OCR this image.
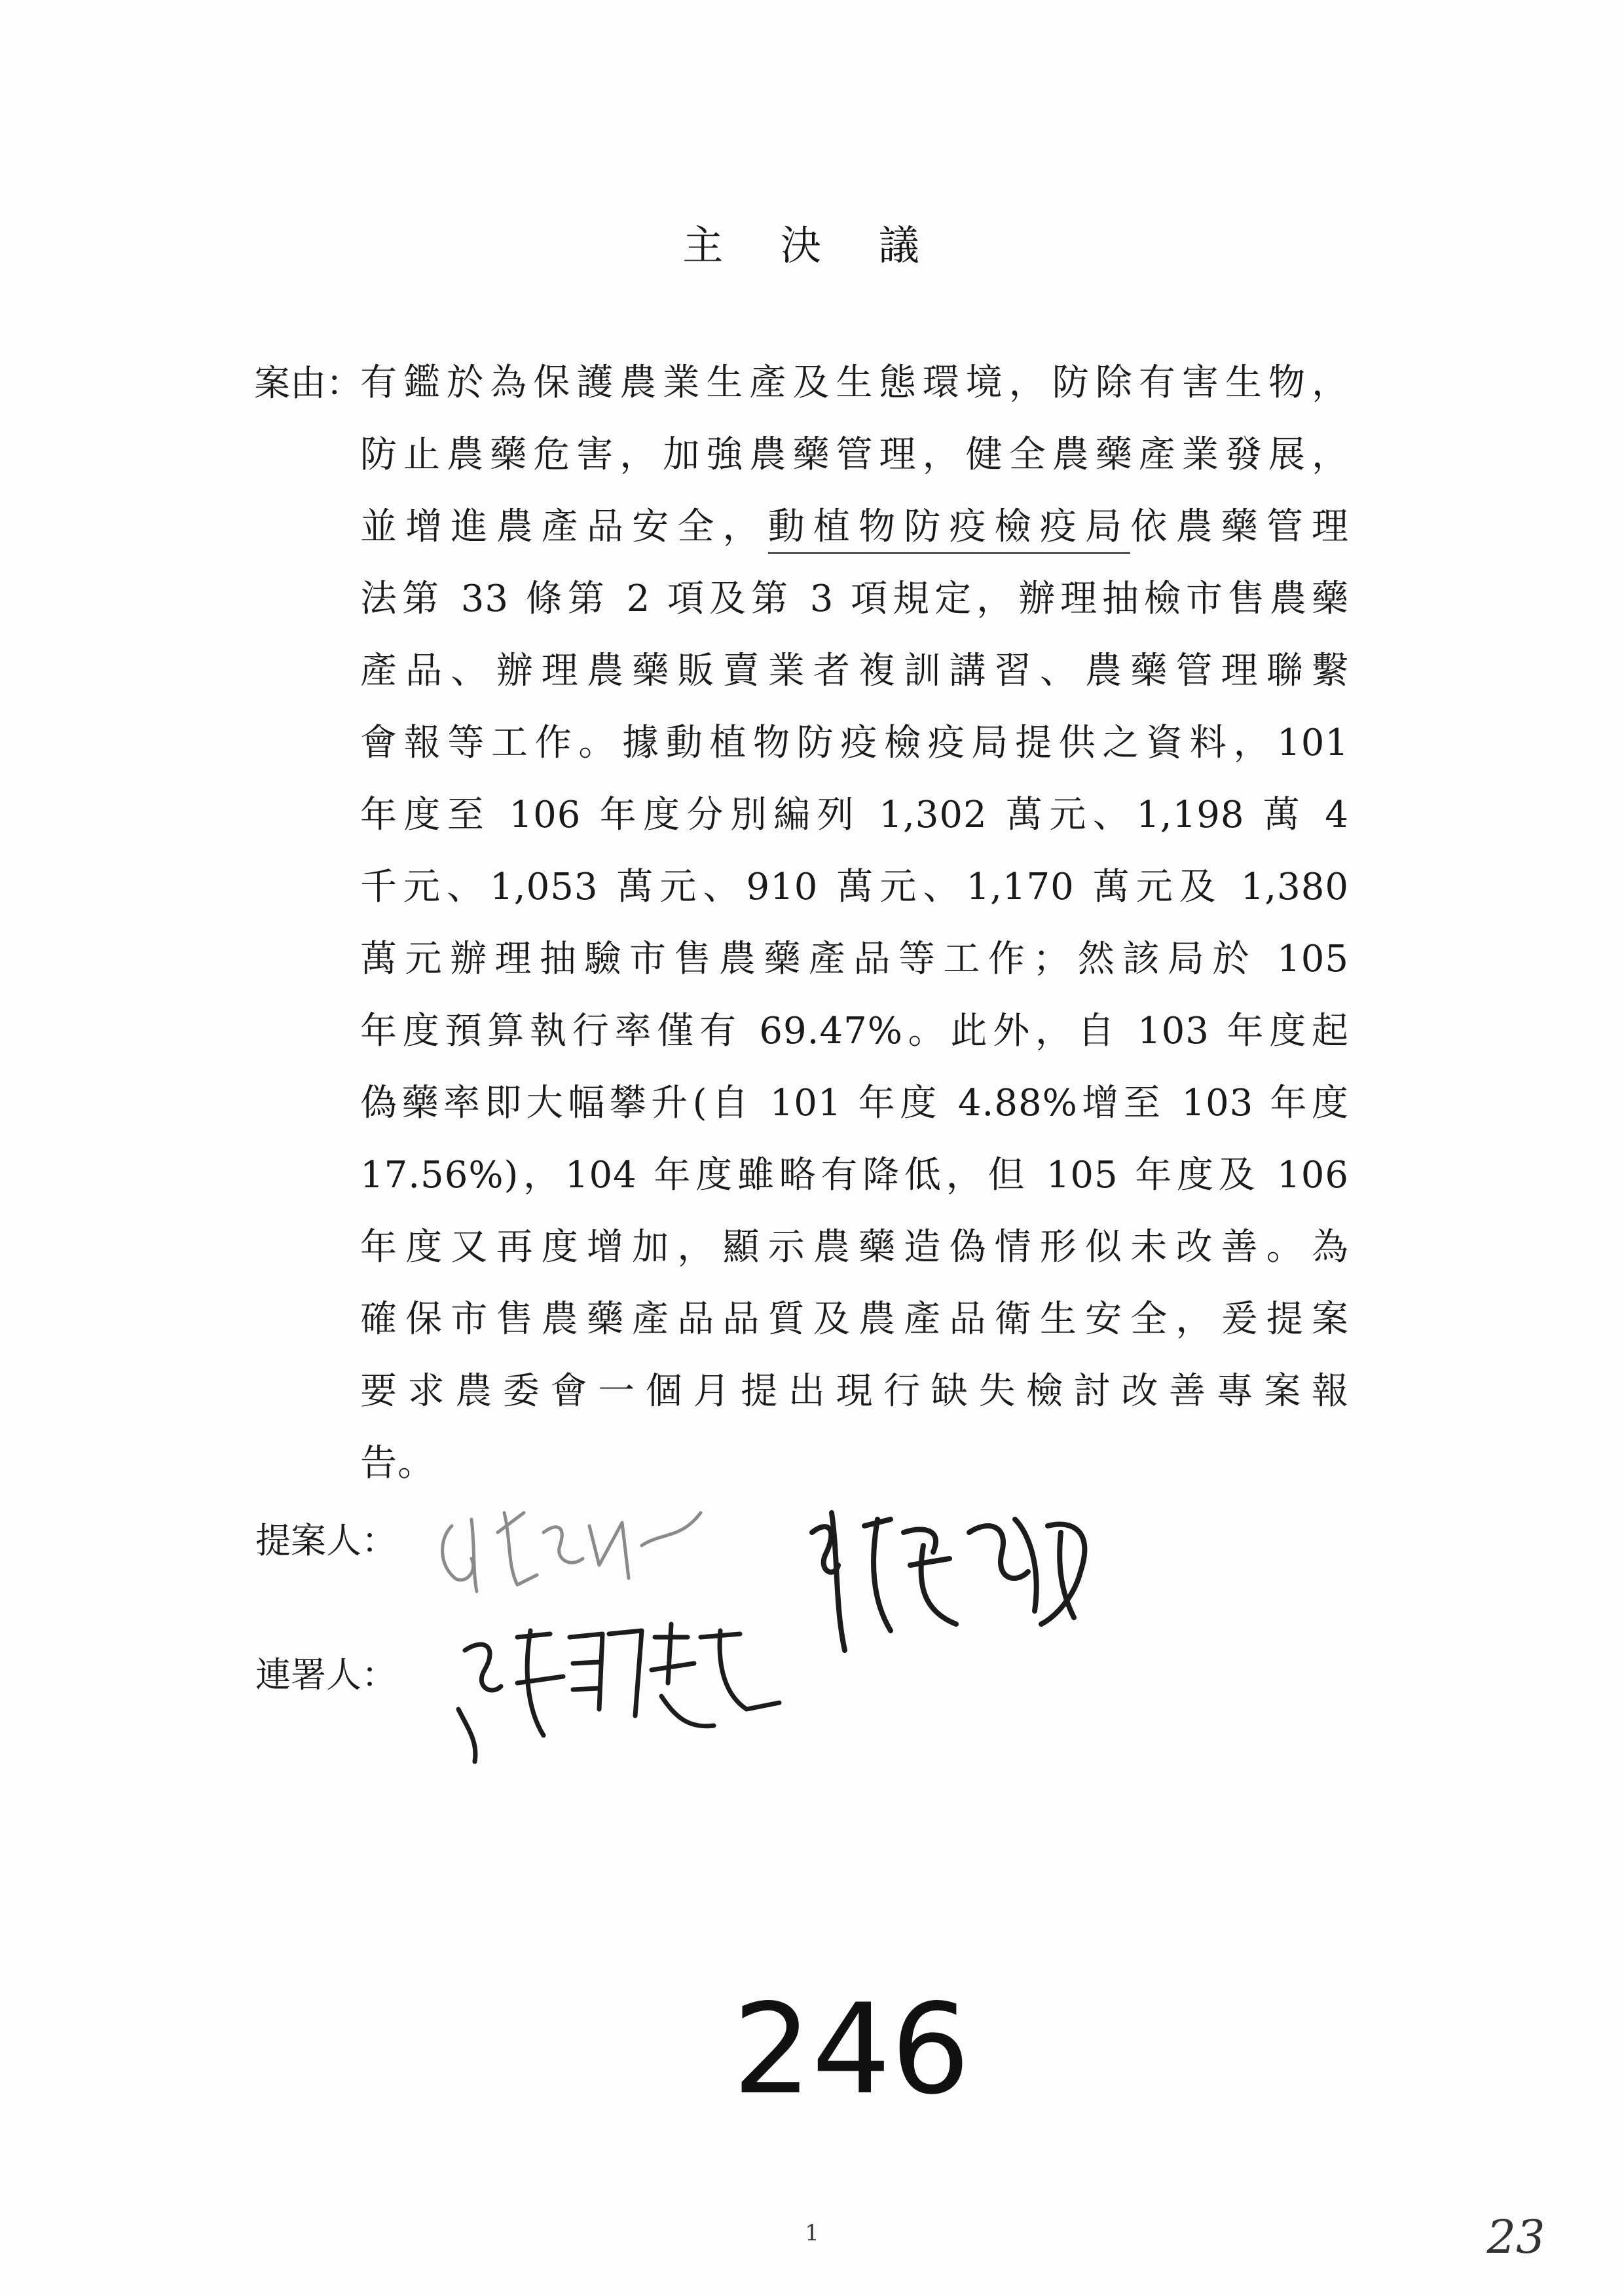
主 決 議
案由：
有鑑於為保護農業生產及生態環境，防除有害生物，
防止農藥危害，加強農藥管理，健全農藥產業發展，
並增進農產品安全，動植物防疫檢疫局依農藥管理
法第 33 條第 2 項及第 3 項規定，辦理抽檢市售農藥
產品、辦理農藥販賣業者複訓講習、農藥管理聯繫
會報等工作。據動植物防疫檢疫局提供之資料，101
年度至 106 年度分別編列 1,302 萬元、1,198 萬 4
千元、1,053 萬元、910 萬元、1,170 萬元及 1,380
萬元辦理抽驗市售農藥產品等工作；然該局於 105
年度預算執行率僅有 69.47%。此外，自 103 年度起
偽藥率即大幅攀升(自 101 年度 4.88%增至 103 年度
17.56%)，104 年度雖略有降低，但 105 年度及 106
年度又再度增加，顯示農藥造偽情形似未改善。為
確保市售農藥產品品質及農產品衛生安全，爰提案
要求農委會一個月提出現行缺失檢討改善專案報
告。
提案人：
連署人：
246
1	23
